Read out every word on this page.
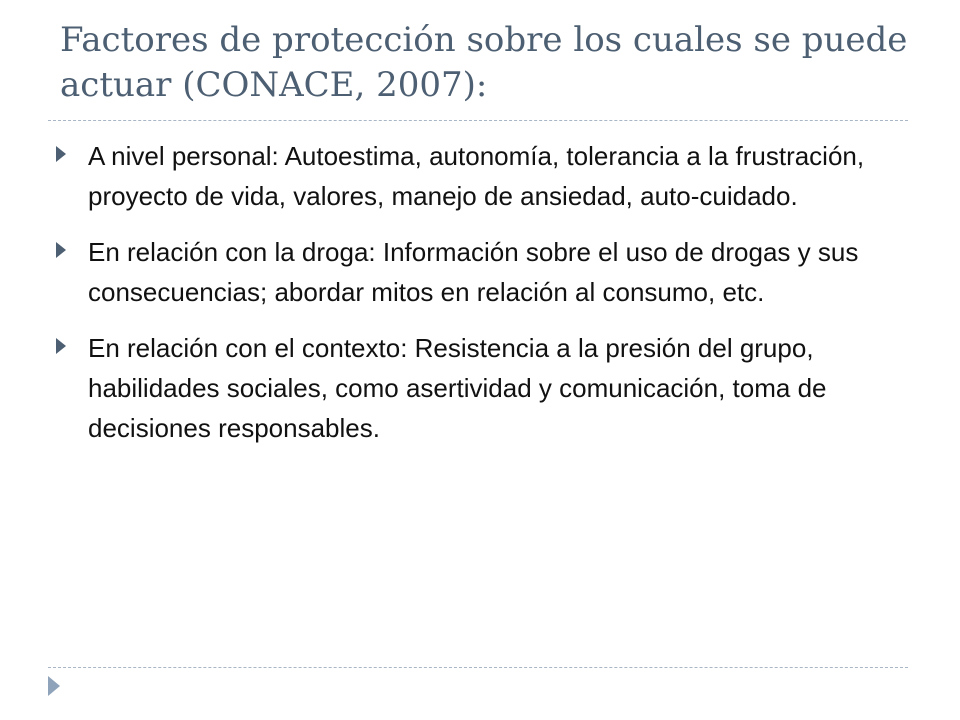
Factores de protección sobre los cuales se puede actuar (CONACE, 2007):
A nivel personal: Autoestima, autonomía, tolerancia a la frustración, proyecto de vida, valores, manejo de ansiedad, auto-cuidado.
En relación con la droga: Información sobre el uso de drogas y sus consecuencias; abordar mitos en relación al consumo, etc.
En relación con el contexto: Resistencia a la presión del grupo, habilidades sociales, como asertividad y comunicación, toma de decisiones responsables.
